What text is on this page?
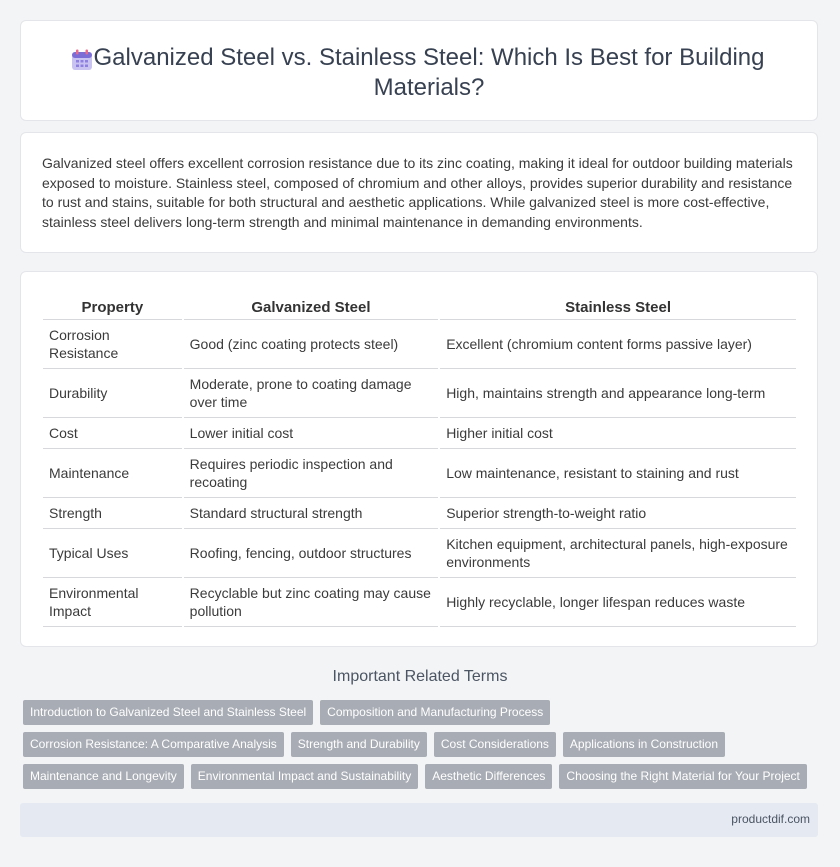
Galvanized Steel vs. Stainless Steel: Which Is Best for Building Materials?
Galvanized steel offers excellent corrosion resistance due to its zinc coating, making it ideal for outdoor building materials exposed to moisture. Stainless steel, composed of chromium and other alloys, provides superior durability and resistance to rust and stains, suitable for both structural and aesthetic applications. While galvanized steel is more cost-effective, stainless steel delivers long-term strength and minimal maintenance in demanding environments.
Property	Galvanized Steel	Stainless Steel
Corrosion Resistance	Good (zinc coating protects steel)	Excellent (chromium content forms passive layer)
Durability	Moderate, prone to coating damage over time	High, maintains strength and appearance long-term
Cost	Lower initial cost	Higher initial cost
Maintenance	Requires periodic inspection and recoating	Low maintenance, resistant to staining and rust
Strength	Standard structural strength	Superior strength-to-weight ratio
Typical Uses	Roofing, fencing, outdoor structures	Kitchen equipment, architectural panels, high-exposure environments
Environmental Impact	Recyclable but zinc coating may cause pollution	Highly recyclable, longer lifespan reduces waste
Important Related Terms
Introduction to Galvanized Steel and Stainless Steel	Composition and Manufacturing Process
Corrosion Resistance: A Comparative Analysis	Strength and Durability	Cost Considerations	Applications in Construction
Maintenance and Longevity	Environmental Impact and Sustainability	Aesthetic Differences	Choosing the Right Material for Your Project
productdif.com
